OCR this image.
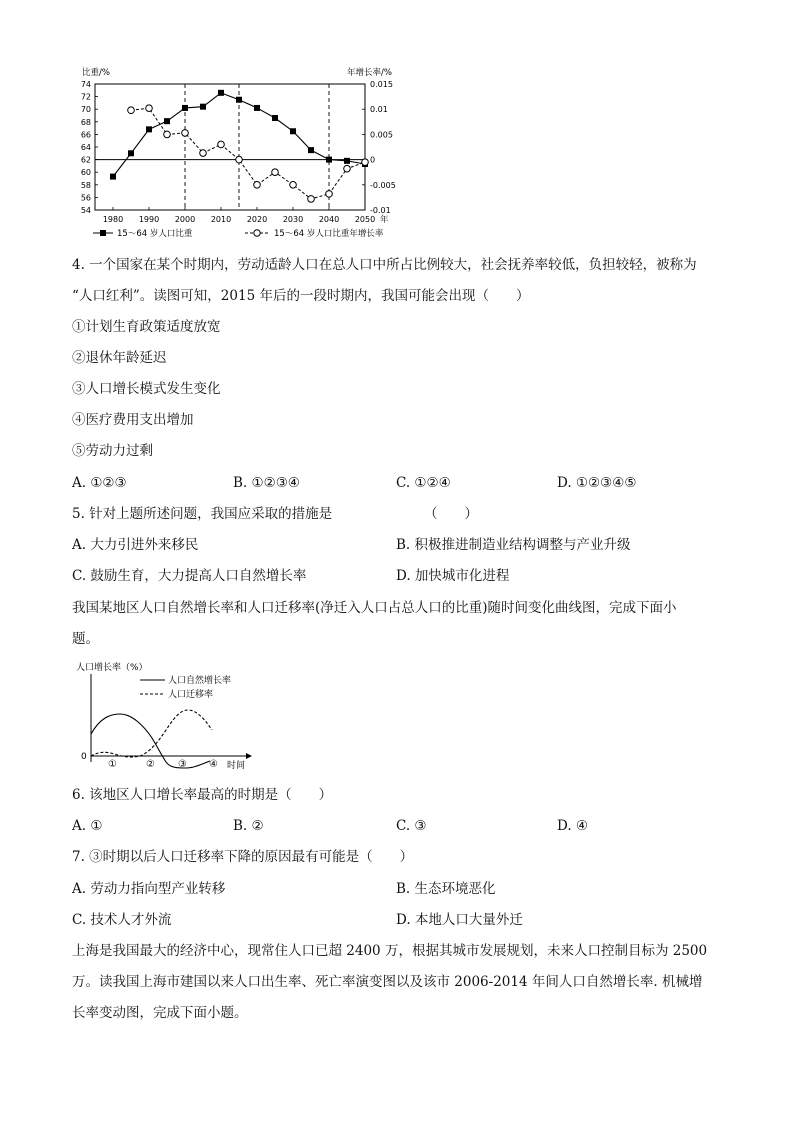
比重/%	年增长率/%
74
72
70
68
66
64
62
60
58
56
54
0.015
0.01
0.005
0
-0.005
-0.01
1980 1990 2000 2010 2020 2030 2040 2050 年
15～64 岁人口比重	15～64 岁人口比重年增长率
4. 一个国家在某个时期内，劳动适龄人口在总人口中所占比例较大，社会抚养率较低，负担较轻，被称为
“人口红利”。读图可知，2015 年后的一段时期内，我国可能会出现（　　）
①计划生育政策适度放宽
②退休年龄延迟
③人口增长模式发生变化
④医疗费用支出增加
⑤劳动力过剩
A. ①②③	B. ①②③④	C. ①②④	D. ①②③④⑤
5. 针对上题所述问题，我国应采取的措施是	（　　）
A. 大力引进外来移民	B. 积极推进制造业结构调整与产业升级
C. 鼓励生育，大力提高人口自然增长率	D. 加快城市化进程
我国某地区人口自然增长率和人口迁移率(净迁入人口占总人口的比重)随时间变化曲线图，完成下面小
题。
人口增长率（%）
0
人口自然增长率
人口迁移率
①	② ③ ④ 时间
6. 该地区人口增长率最高的时期是（　　）
A. ①	B. ②	C. ③	D. ④
7. ③时期以后人口迁移率下降的原因最有可能是（　　）
A. 劳动力指向型产业转移	B. 生态环境恶化
C. 技术人才外流	D. 本地人口大量外迁
上海是我国最大的经济中心，现常住人口已超 2400 万，根据其城市发展规划，未来人口控制目标为 2500
万。读我国上海市建国以来人口出生率、死亡率演变图以及该市 2006-2014 年间人口自然增长率. 机械增
长率变动图，完成下面小题。
